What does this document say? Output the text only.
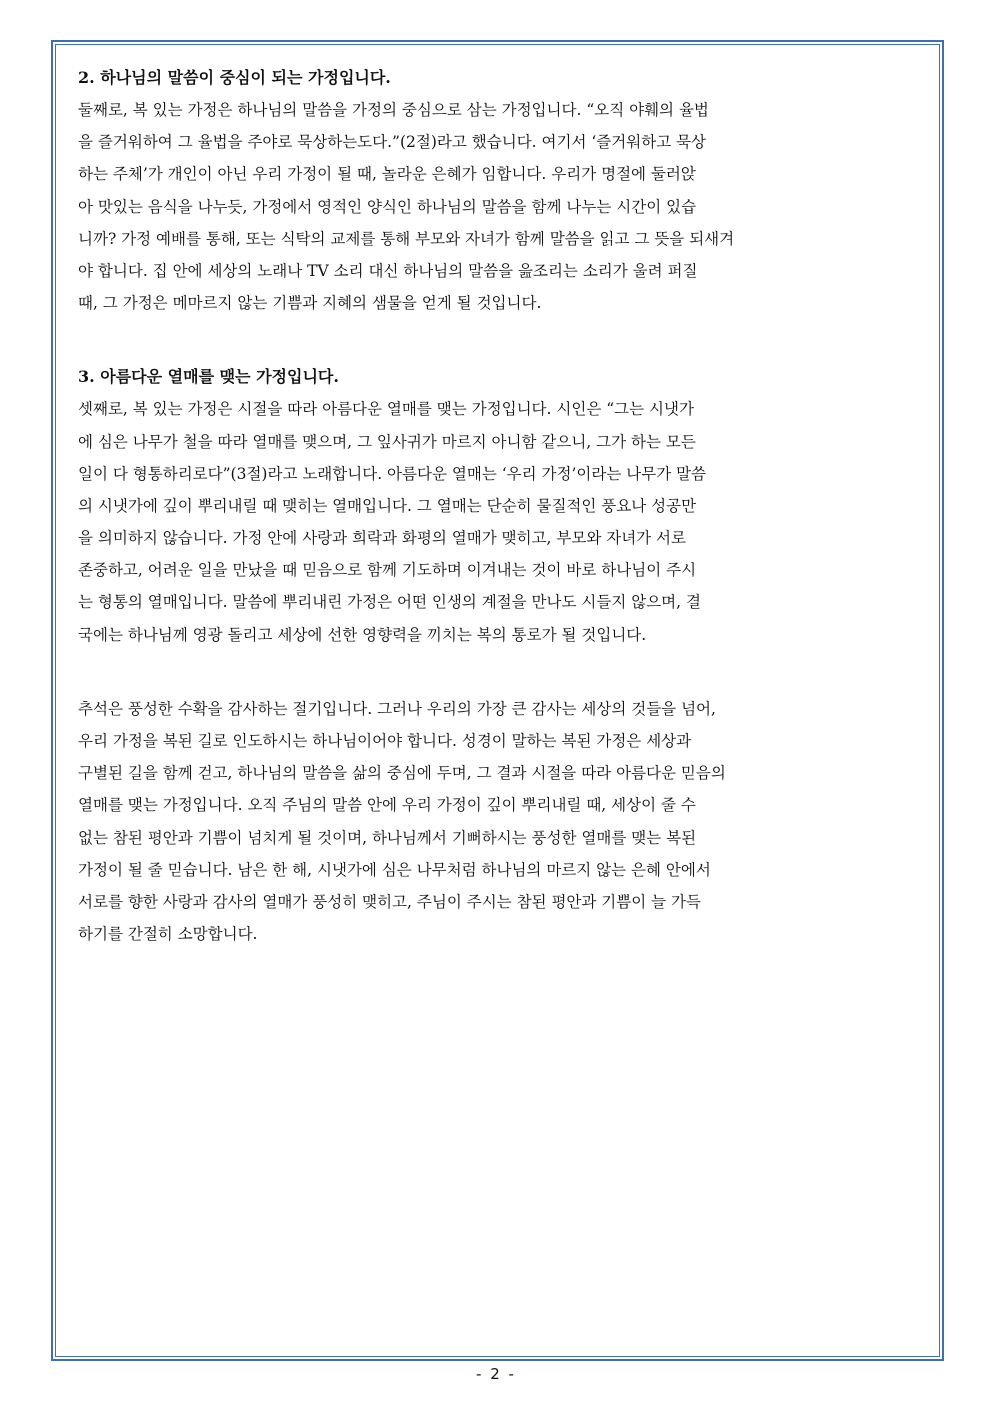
2. 하나님의 말씀이 중심이 되는 가정입니다.

둘째로, 복 있는 가정은 하나님의 말씀을 가정의 중심으로 삼는 가정입니다. “오직 야훼의 율법
을 즐거워하여 그 율법을 주야로 묵상하는도다.”(2절)라고 했습니다. 여기서 ‘즐거워하고 묵상
하는 주체’가 개인이 아닌 우리 가정이 될 때, 놀라운 은혜가 임합니다. 우리가 명절에 둘러앉
아 맛있는 음식을 나누듯, 가정에서 영적인 양식인 하나님의 말씀을 함께 나누는 시간이 있습
니까? 가정 예배를 통해, 또는 식탁의 교제를 통해 부모와 자녀가 함께 말씀을 읽고 그 뜻을 되새겨
야 합니다. 집 안에 세상의 노래나 TV 소리 대신 하나님의 말씀을 읊조리는 소리가 울려 퍼질
때, 그 가정은 메마르지 않는 기쁨과 지혜의 샘물을 얻게 될 것입니다.

3. 아름다운 열매를 맺는 가정입니다.

셋째로, 복 있는 가정은 시절을 따라 아름다운 열매를 맺는 가정입니다. 시인은 “그는 시냇가
에 심은 나무가 철을 따라 열매를 맺으며, 그 잎사귀가 마르지 아니함 같으니, 그가 하는 모든
일이 다 형통하리로다”(3절)라고 노래합니다. 아름다운 열매는 ‘우리 가정’이라는 나무가 말씀
의 시냇가에 깊이 뿌리내릴 때 맺히는 열매입니다. 그 열매는 단순히 물질적인 풍요나 성공만
을 의미하지 않습니다. 가정 안에 사랑과 희락과 화평의 열매가 맺히고, 부모와 자녀가 서로
존중하고, 어려운 일을 만났을 때 믿음으로 함께 기도하며 이겨내는 것이 바로 하나님이 주시
는 형통의 열매입니다. 말씀에 뿌리내린 가정은 어떤 인생의 계절을 만나도 시들지 않으며, 결
국에는 하나님께 영광 돌리고 세상에 선한 영향력을 끼치는 복의 통로가 될 것입니다.
추석은 풍성한 수확을 감사하는 절기입니다. 그러나 우리의 가장 큰 감사는 세상의 것들을 넘어,
우리 가정을 복된 길로 인도하시는 하나님이어야 합니다. 성경이 말하는 복된 가정은 세상과
구별된 길을 함께 걷고, 하나님의 말씀을 삶의 중심에 두며, 그 결과 시절을 따라 아름다운 믿음의
열매를 맺는 가정입니다. 오직 주님의 말씀 안에 우리 가정이 깊이 뿌리내릴 때, 세상이 줄 수
없는 참된 평안과 기쁨이 넘치게 될 것이며, 하나님께서 기뻐하시는 풍성한 열매를 맺는 복된
가정이 될 줄 믿습니다. 남은 한 해, 시냇가에 심은 나무처럼 하나님의 마르지 않는 은혜 안에서
서로를 향한 사랑과 감사의 열매가 풍성히 맺히고, 주님이 주시는 참된 평안과 기쁨이 늘 가득
하기를 간절히 소망합니다.
- 2 -
